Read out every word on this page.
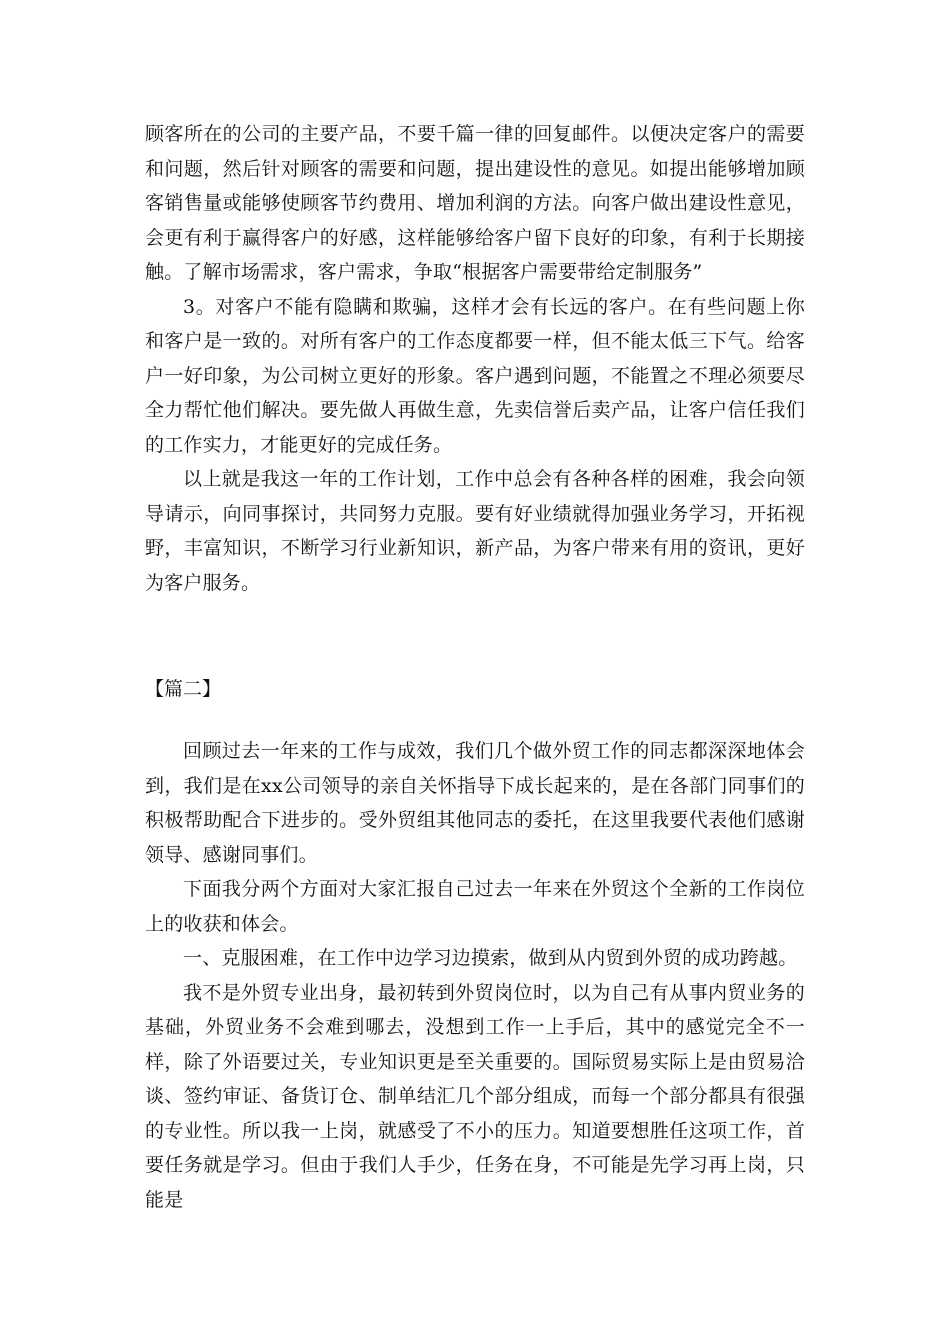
顾客所在的公司的主要产品，不要千篇一律的回复邮件。以便决定客户的需要和问题，然后针对顾客的需要和问题，提出建设性的意见。如提出能够增加顾客销售量或能够使顾客节约费用、增加利润的方法。向客户做出建设性意见，会更有利于赢得客户的好感，这样能够给客户留下良好的印象，有利于长期接触。了解市场需求，客户需求，争取“根据客户需要带给定制服务”

3。对客户不能有隐瞒和欺骗，这样才会有长远的客户。在有些问题上你和客户是一致的。对所有客户的工作态度都要一样，但不能太低三下气。给客户一好印象，为公司树立更好的形象。客户遇到问题，不能置之不理必须要尽全力帮忙他们解决。要先做人再做生意，先卖信誉后卖产品，让客户信任我们的工作实力，才能更好的完成任务。

以上就是我这一年的工作计划，工作中总会有各种各样的困难，我会向领导请示，向同事探讨，共同努力克服。要有好业绩就得加强业务学习，开拓视野，丰富知识，不断学习行业新知识，新产品，为客户带来有用的资讯，更好为客户服务。

【篇二】

回顾过去一年来的工作与成效，我们几个做外贸工作的同志都深深地体会到，我们是在xx公司领导的亲自关怀指导下成长起来的，是在各部门同事们的积极帮助配合下进步的。受外贸组其他同志的委托，在这里我要代表他们感谢领导、感谢同事们。

下面我分两个方面对大家汇报自己过去一年来在外贸这个全新的工作岗位上的收获和体会。

一、克服困难，在工作中边学习边摸索，做到从内贸到外贸的成功跨越。

我不是外贸专业出身，最初转到外贸岗位时，以为自己有从事内贸业务的基础，外贸业务不会难到哪去，没想到工作一上手后，其中的感觉完全不一样，除了外语要过关，专业知识更是至关重要的。国际贸易实际上是由贸易洽谈、签约审证、备货订仓、制单结汇几个部分组成，而每一个部分都具有很强的专业性。所以我一上岗，就感受了不小的压力。知道要想胜任这项工作，首要任务就是学习。但由于我们人手少，任务在身，不可能是先学习再上岗，只能是
